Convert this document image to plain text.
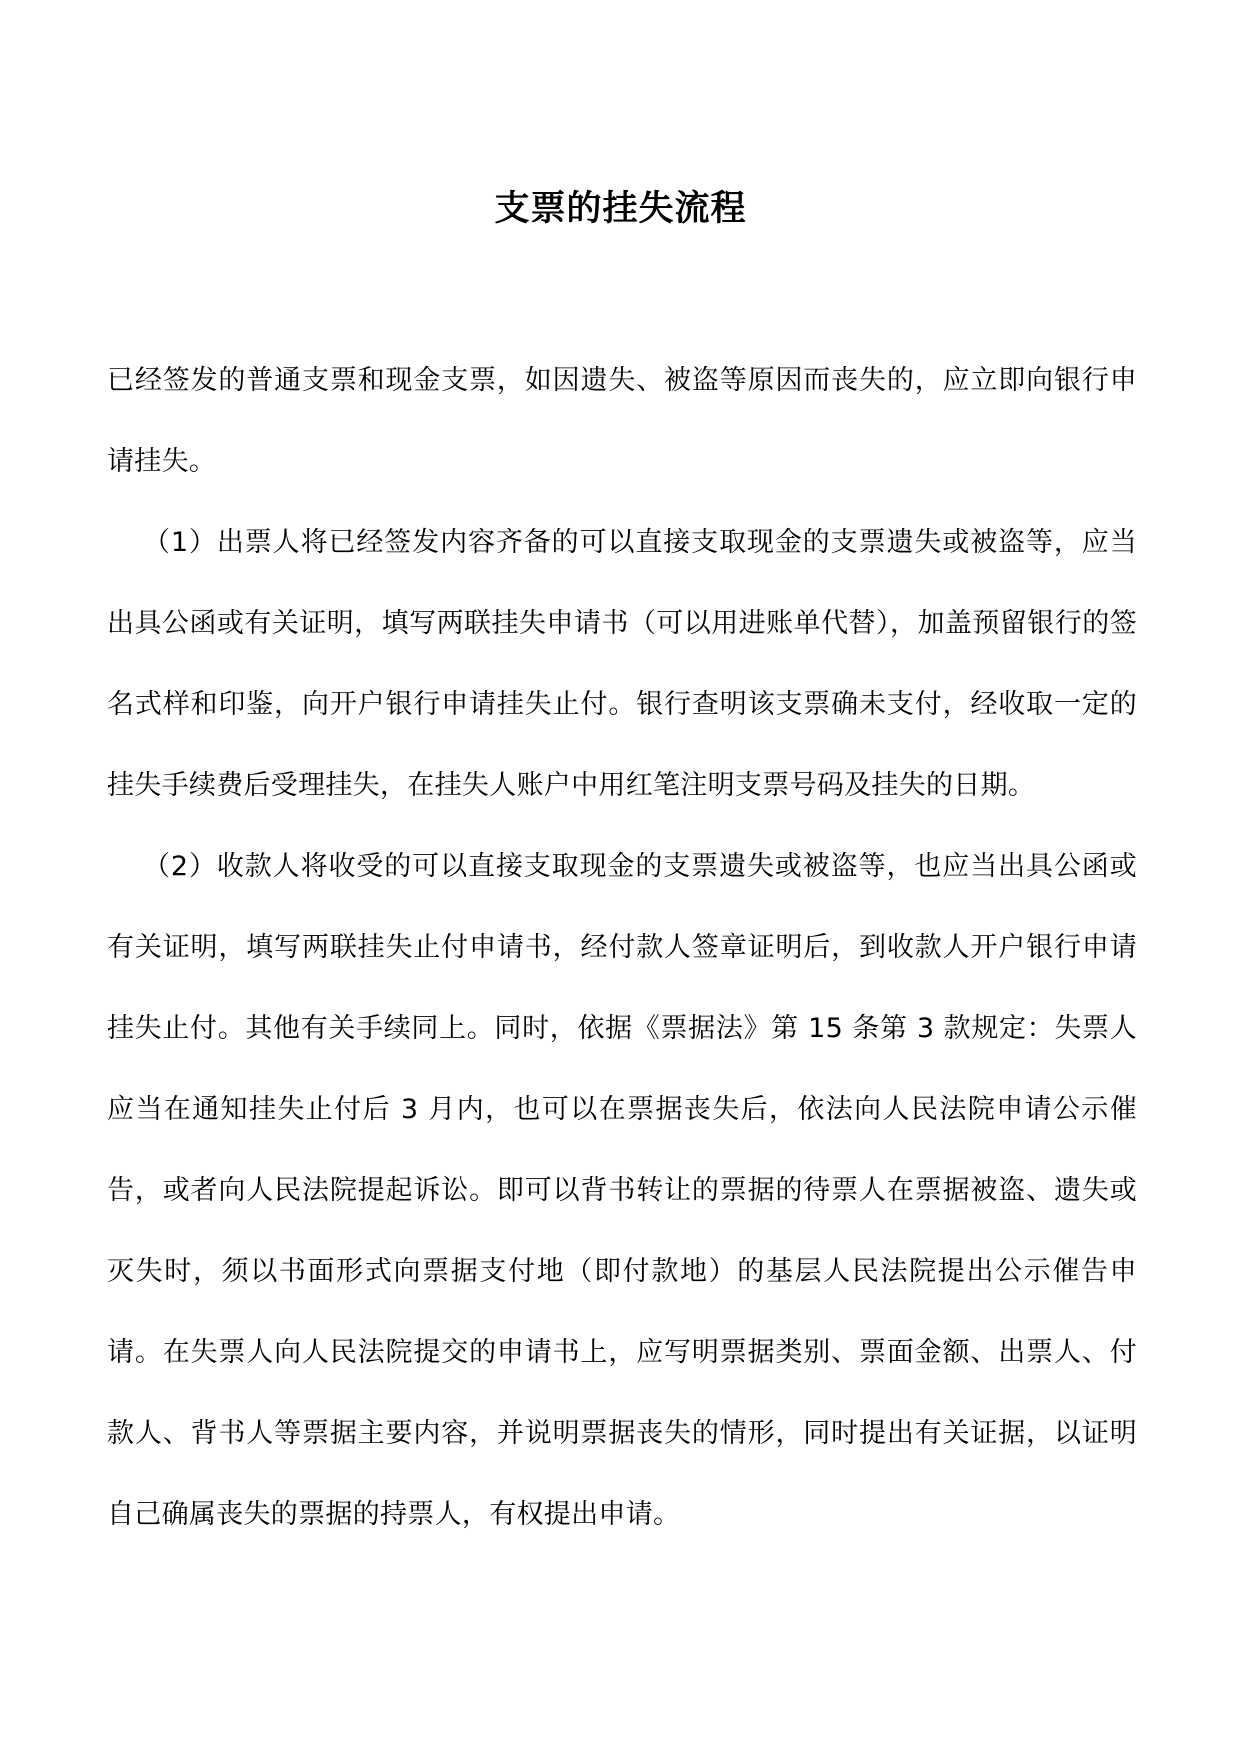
支票的挂失流程

已经签发的普通支票和现金支票，如因遗失、被盗等原因而丧失的，应立即向银行申请挂失。

（1）出票人将已经签发内容齐备的可以直接支取现金的支票遗失或被盗等，应当出具公函或有关证明，填写两联挂失申请书（可以用进账单代替），加盖预留银行的签名式样和印鉴，向开户银行申请挂失止付。银行查明该支票确未支付，经收取一定的挂失手续费后受理挂失，在挂失人账户中用红笔注明支票号码及挂失的日期。

（2）收款人将收受的可以直接支取现金的支票遗失或被盗等，也应当出具公函或有关证明，填写两联挂失止付申请书，经付款人签章证明后，到收款人开户银行申请挂失止付。其他有关手续同上。同时，依据《票据法》第 15 条第 3 款规定：失票人应当在通知挂失止付后 3 月内，也可以在票据丧失后，依法向人民法院申请公示催告，或者向人民法院提起诉讼。即可以背书转让的票据的待票人在票据被盗、遗失或灭失时，须以书面形式向票据支付地（即付款地）的基层人民法院提出公示催告申请。在失票人向人民法院提交的申请书上，应写明票据类别、票面金额、出票人、付款人、背书人等票据主要内容，并说明票据丧失的情形，同时提出有关证据，以证明自己确属丧失的票据的持票人，有权提出申请。
